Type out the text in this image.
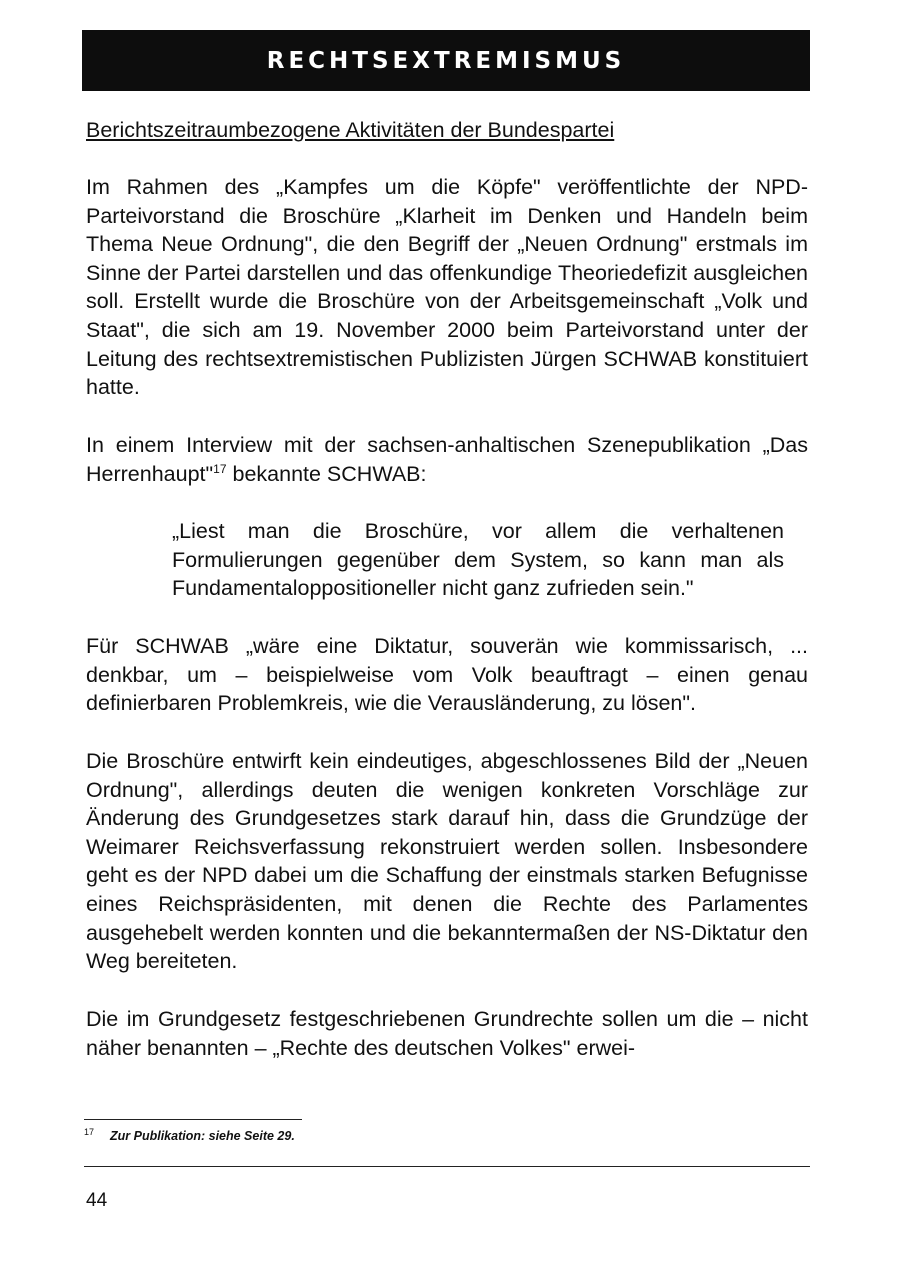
RECHTSEXTREMISMUS
Berichtszeitraumbezogene Aktivitäten der Bundespartei

Im Rahmen des „Kampfes um die Köpfe" veröffentlichte der NPD-Parteivorstand die Broschüre „Klarheit im Denken und Handeln beim Thema Neue Ordnung", die den Begriff der „Neuen Ordnung" erstmals im Sinne der Partei darstellen und das offenkundige Theoriedefizit ausgleichen soll. Erstellt wurde die Broschüre von der Arbeitsgemeinschaft „Volk und Staat", die sich am 19. November 2000 beim Parteivorstand unter der Leitung des rechtsextremistischen Publizisten Jürgen SCHWAB konstituiert hatte.

In einem Interview mit der sachsen-anhaltischen Szenepublikation „Das Herrenhaupt"$^{17}$ bekannte SCHWAB:

„Liest man die Broschüre, vor allem die verhaltenen Formulierungen gegenüber dem System, so kann man als Fundamentaloppositioneller nicht ganz zufrieden sein."

Für SCHWAB „wäre eine Diktatur, souverän wie kommissarisch, ... denkbar, um – beispielweise vom Volk beauftragt – einen genau definierbaren Problemkreis, wie die Verausländerung, zu lösen".

Die Broschüre entwirft kein eindeutiges, abgeschlossenes Bild der „Neuen Ordnung", allerdings deuten die wenigen konkreten Vorschläge zur Änderung des Grundgesetzes stark darauf hin, dass die Grundzüge der Weimarer Reichsverfassung rekonstruiert werden sollen. Insbesondere geht es der NPD dabei um die Schaffung der einstmals starken Befugnisse eines Reichspräsidenten, mit denen die Rechte des Parlamentes ausgehebelt werden konnten und die bekanntermaßen der NS-Diktatur den Weg bereiteten.

Die im Grundgesetz festgeschriebenen Grundrechte sollen um die – nicht näher benannten – „Rechte des deutschen Volkes" erwei-

$^{17}$ Zur Publikation: siehe Seite 29.
44
